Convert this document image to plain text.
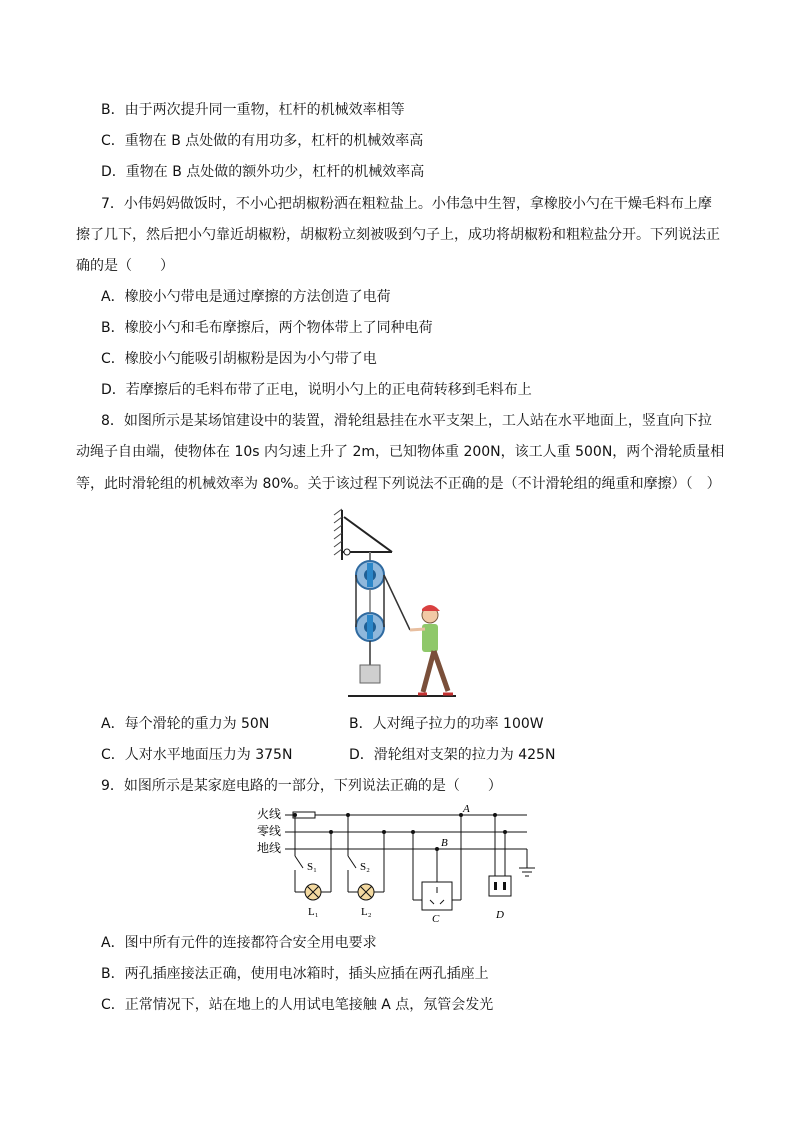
B．由于两次提升同一重物，杠杆的机械效率相等
C．重物在 B 点处做的有用功多，杠杆的机械效率高
D．重物在 B 点处做的额外功少，杠杆的机械效率高
7．小伟妈妈做饭时，不小心把胡椒粉洒在粗粒盐上。小伟急中生智，拿橡胶小勺在干燥毛料布上摩
擦了几下，然后把小勺靠近胡椒粉，胡椒粉立刻被吸到勺子上，成功将胡椒粉和粗粒盐分开。下列说法正
确的是（　　）
A．橡胶小勺带电是通过摩擦的方法创造了电荷
B．橡胶小勺和毛布摩擦后，两个物体带上了同种电荷
C．橡胶小勺能吸引胡椒粉是因为小勺带了电
D．若摩擦后的毛料布带了正电，说明小勺上的正电荷转移到毛料布上
8．如图所示是某场馆建设中的装置，滑轮组悬挂在水平支架上，工人站在水平地面上，竖直向下拉
动绳子自由端，使物体在 10s 内匀速上升了 2m，已知物体重 200N，该工人重 500N，两个滑轮质量相
等，此时滑轮组的机械效率为 80%。关于该过程下列说法不正确的是（不计滑轮组的绳重和摩擦）（　）
A．每个滑轮的重力为 50N	B．人对绳子拉力的功率 100W
C．人对水平地面压力为 375N	D．滑轮组对支架的拉力为 425N
9．如图所示是某家庭电路的一部分，下列说法正确的是（　　）
火线
零线
地线
S₁
L₁
S₂
L₂
B
A
C	D
A．图中所有元件的连接都符合安全用电要求
B．两孔插座接法正确，使用电冰箱时，插头应插在两孔插座上
C．正常情况下，站在地上的人用试电笔接触 A 点，氖管会发光
